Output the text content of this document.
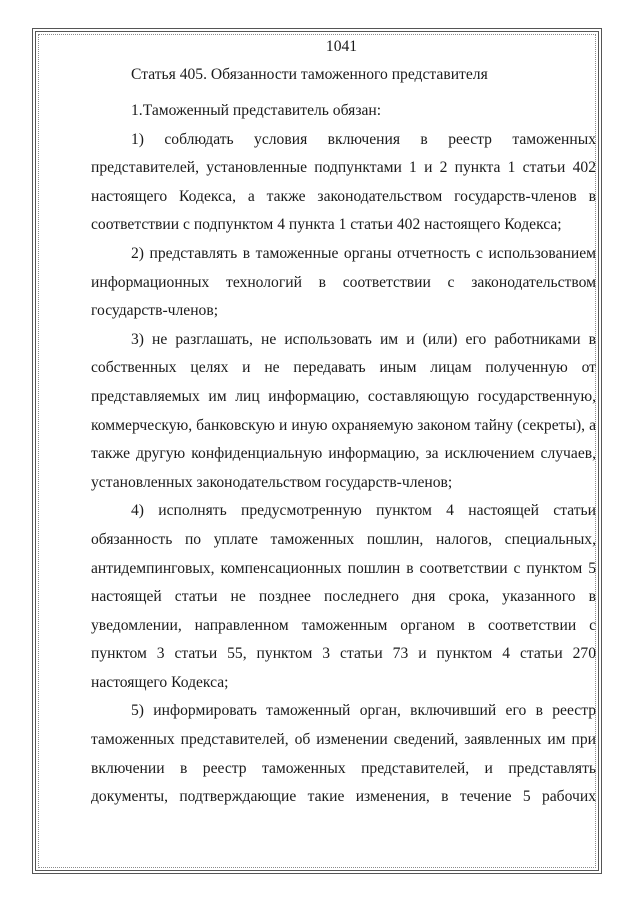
1041
Статья 405. Обязанности таможенного представителя

1.Таможенный представитель обязан:

1) соблюдать условия включения в реестр таможенных представителей, установленные подпунктами 1 и 2 пункта 1 статьи 402 настоящего Кодекса, а также законодательством государств-членов в соответствии с подпунктом 4 пункта 1 статьи 402 настоящего Кодекса;

2) представлять в таможенные органы отчетность с использованием информационных технологий в соответствии с законодательством государств-членов;

3) не разглашать, не использовать им и (или) его работниками в собственных целях и не передавать иным лицам полученную от представляемых им лиц информацию, составляющую государственную, коммерческую, банковскую и иную охраняемую законом тайну (секреты), а также другую конфиденциальную информацию, за исключением случаев, установленных законодательством государств-членов;

4) исполнять предусмотренную пунктом 4 настоящей статьи обязанность по уплате таможенных пошлин, налогов, специальных, антидемпинговых, компенсационных пошлин в соответствии с пунктом 5 настоящей статьи не позднее последнего дня срока, указанного в уведомлении, направленном таможенным органом в соответствии с пунктом 3 статьи 55, пунктом 3 статьи 73 и пунктом 4 статьи 270 настоящего Кодекса;

5) информировать таможенный орган, включивший его в реестр таможенных представителей, об изменении сведений, заявленных им при включении в реестр таможенных представителей, и представлять документы, подтверждающие такие изменения, в течение 5 рабочих
